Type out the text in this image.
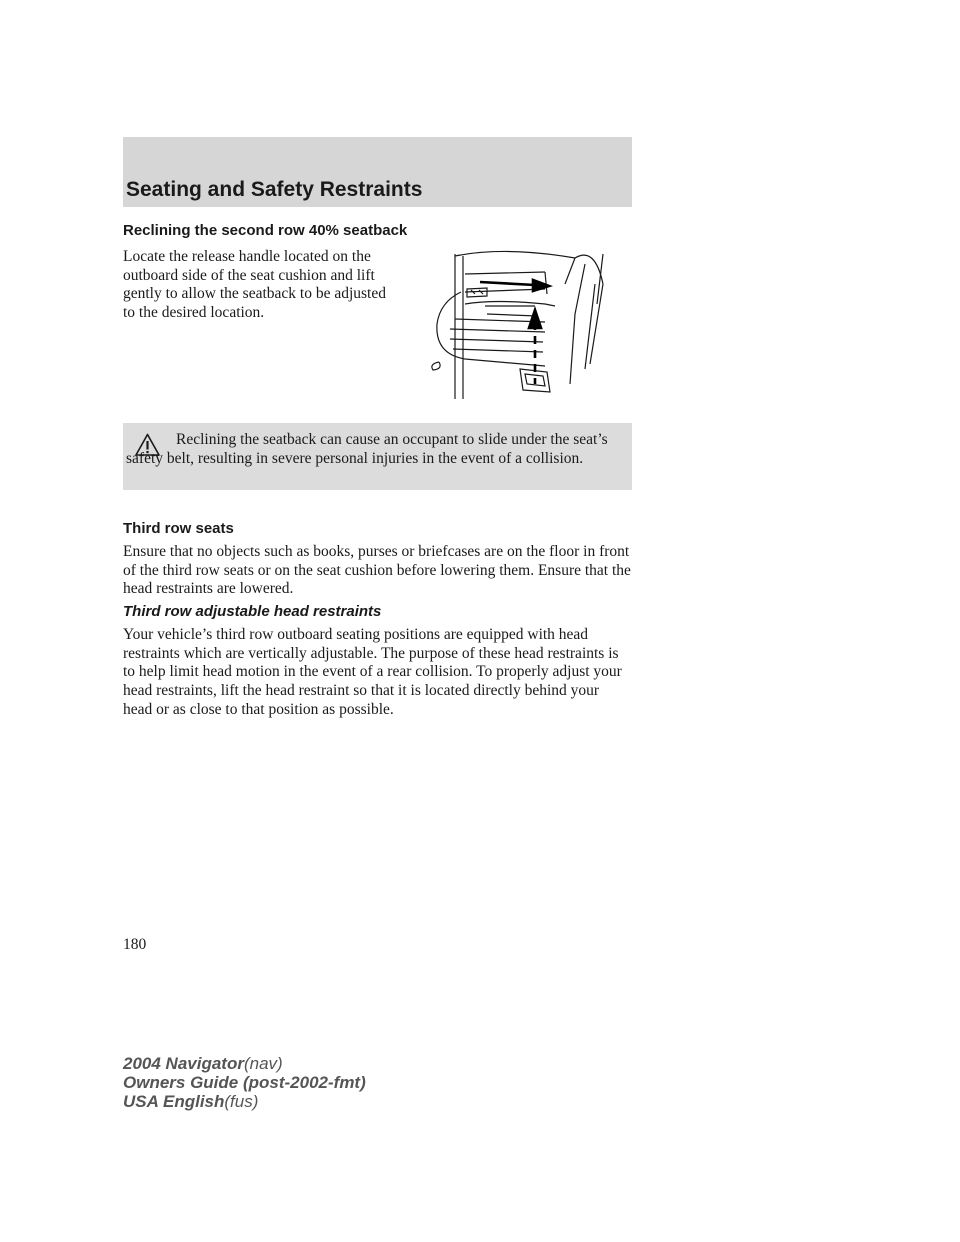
Seating and Safety Restraints
Reclining the second row 40% seatback
Locate the release handle located on the outboard side of the seat cushion and lift gently to allow the seatback to be adjusted to the desired location.
Reclining the seatback can cause an occupant to slide under the seat’s safety belt, resulting in severe personal injuries in the event of a collision.
Third row seats
Ensure that no objects such as books, purses or briefcases are on the floor in front of the third row seats or on the seat cushion before lowering them. Ensure that the head restraints are lowered.
Third row adjustable head restraints
Your vehicle’s third row outboard seating positions are equipped with head restraints which are vertically adjustable. The purpose of these head restraints is to help limit head motion in the event of a rear collision. To properly adjust your head restraints, lift the head restraint so that it is located directly behind your head or as close to that position as possible.
180
2004 Navigator(nav)
Owners Guide (post-2002-fmt)
USA English(fus)
